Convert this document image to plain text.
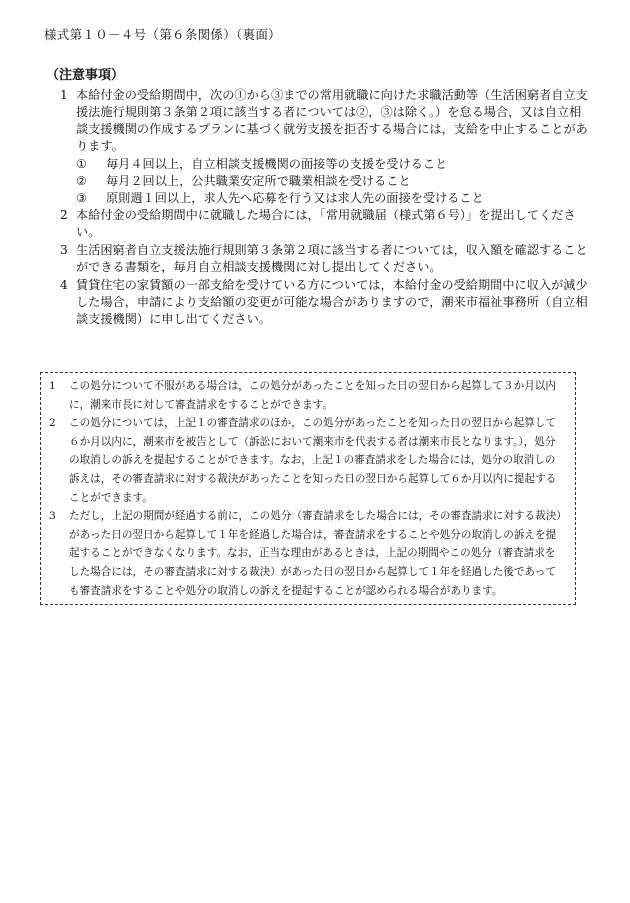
様式第１０－４号（第６条関係）（裏面）
（注意事項）
1 本給付金の受給期間中，次の①から③までの常用就職に向けた求職活動等（生活困窮者自立支援法施行規則第３条第２項に該当する者については②，③は除く。）を怠る場合，又は自立相談支援機関の作成するプランに基づく就労支援を拒否する場合には，支給を中止することがあります。
①	毎月４回以上，自立相談支援機関の面接等の支援を受けること
②	毎月２回以上，公共職業安定所で職業相談を受けること
③	原則週１回以上，求人先へ応募を行う又は求人先の面接を受けること
2 本給付金の受給期間中に就職した場合には，「常用就職届（様式第６号）」を提出してください。
3 生活困窮者自立支援法施行規則第３条第２項に該当する者については，収入額を確認することができる書類を，毎月自立相談支援機関に対し提出してください。
4 賃貸住宅の家賃額の一部支給を受けている方については，本給付金の受給期間中に収入が減少した場合，申請により支給額の変更が可能な場合がありますので，潮来市福祉事務所（自立相談支援機関）に申し出てください。
1	この処分について不服がある場合は，この処分があったことを知った日の翌日から起算して３か月以内に，潮来市長に対して審査請求をすることができます。
2	この処分については，上記１の審査請求のほか，この処分があったことを知った日の翌日から起算して６か月以内に，潮来市を被告として（訴訟において潮来市を代表する者は潮来市長となります。），処分の取消しの訴えを提起することができます。なお，上記１の審査請求をした場合には，処分の取消しの訴えは，その審査請求に対する裁決があったことを知った日の翌日から起算して６か月以内に提起することができます。
3	ただし，上記の期間が経過する前に，この処分（審査請求をした場合には，その審査請求に対する裁決）があった日の翌日から起算して１年を経過した場合は，審査請求をすることや処分の取消しの訴えを提起することができなくなります。なお，正当な理由があるときは，上記の期間やこの処分（審査請求をした場合には，その審査請求に対する裁決）があった日の翌日から起算して１年を経過した後であっても審査請求をすることや処分の取消しの訴えを提起することが認められる場合があります。
